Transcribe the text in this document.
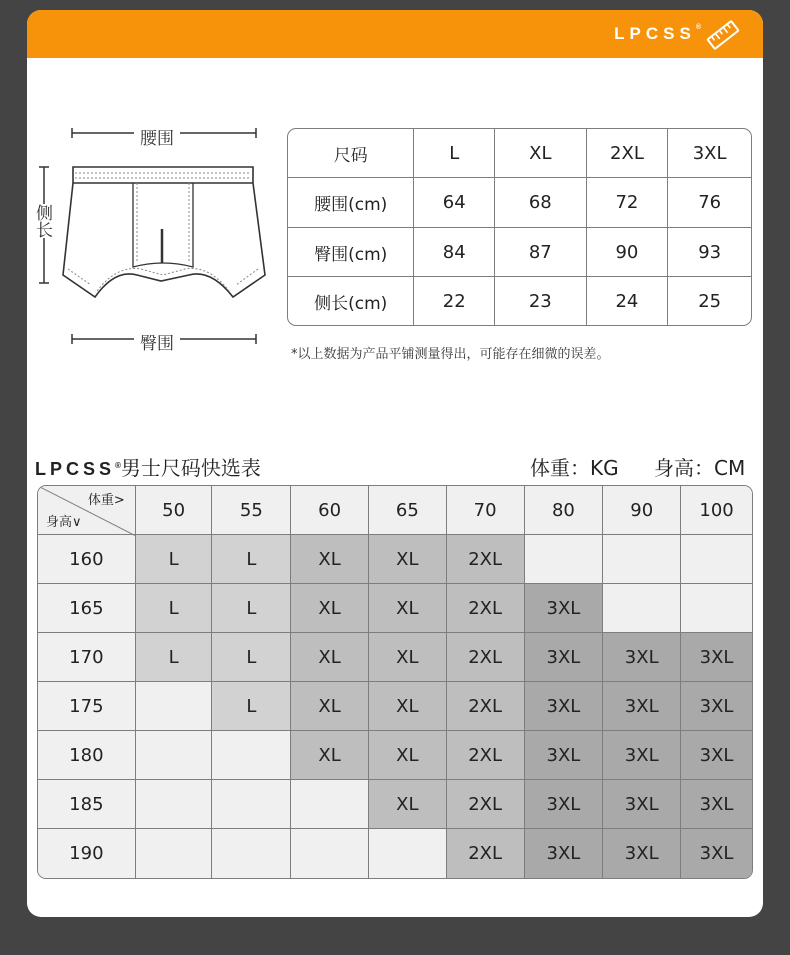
LPCSS®
腰围
侧长
臀围
尺码	L	XL	2XL	3XL
腰围(cm)	64	68	72	76
臀围(cm)	84	87	90	93
侧长(cm)	22	23	24	25
*以上数据为产品平铺测量得出，可能存在细微的误差。
LPCSS®男士尺码快选表	体重：KG 身高：CM
体重>
身高∨	50	55	60	65	70	80	90	100
160	L	L	XL	XL	2XL			
165	L	L	XL	XL	2XL	3XL		
170	L	L	XL	XL	2XL	3XL	3XL	3XL
175		L	XL	XL	2XL	3XL	3XL	3XL
180			XL	XL	2XL	3XL	3XL	3XL
185				XL	2XL	3XL	3XL	3XL
190					2XL	3XL	3XL	3XL
